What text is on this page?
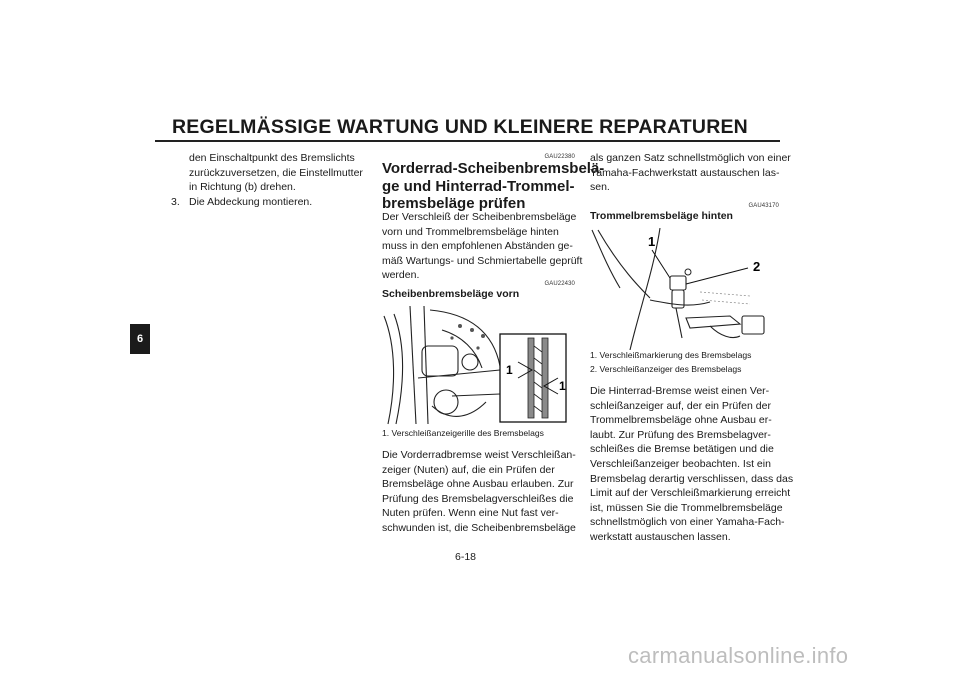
REGELMÄSSIGE WARTUNG UND KLEINERE REPARATUREN
6
den Einschaltpunkt des Bremslichts
zurückzuversetzen, die Einstellmutter
in Richtung (b) drehen.
3. Die Abdeckung montieren.
GAU22380
Vorderrad-Scheibenbremsbelä-
ge und Hinterrad-Trommel-
bremsbeläge prüfen
Der Verschleiß der Scheibenbremsbeläge
vorn und Trommelbremsbeläge hinten
muss in den empfohlenen Abständen ge-
mäß Wartungs- und Schmiertabelle geprüft
werden.
GAU22430
Scheibenbremsbeläge vorn
1
1
1. Verschleißanzeigerille des Bremsbelags
Die Vorderradbremse weist Verschleißan-
zeiger (Nuten) auf, die ein Prüfen der
Bremsbeläge ohne Ausbau erlauben. Zur
Prüfung des Bremsbelagverschleißes die
Nuten prüfen. Wenn eine Nut fast ver-
schwunden ist, die Scheibenbremsbeläge
als ganzen Satz schnellstmöglich von einer
Yamaha-Fachwerkstatt austauschen las-
sen.
GAU43170
Trommelbremsbeläge hinten
1
2
1. Verschleißmarkierung des Bremsbelags
2. Verschleißanzeiger des Bremsbelags
Die Hinterrad-Bremse weist einen Ver-
schleißanzeiger auf, der ein Prüfen der
Trommelbremsbeläge ohne Ausbau er-
laubt. Zur Prüfung des Bremsbelagver-
schleißes die Bremse betätigen und die
Verschleißanzeiger beobachten. Ist ein
Bremsbelag derartig verschlissen, dass das
Limit auf der Verschleißmarkierung erreicht
ist, müssen Sie die Trommelbremsbeläge
schnellstmöglich von einer Yamaha-Fach-
werkstatt austauschen lassen.
6-18
carmanualsonline.info
